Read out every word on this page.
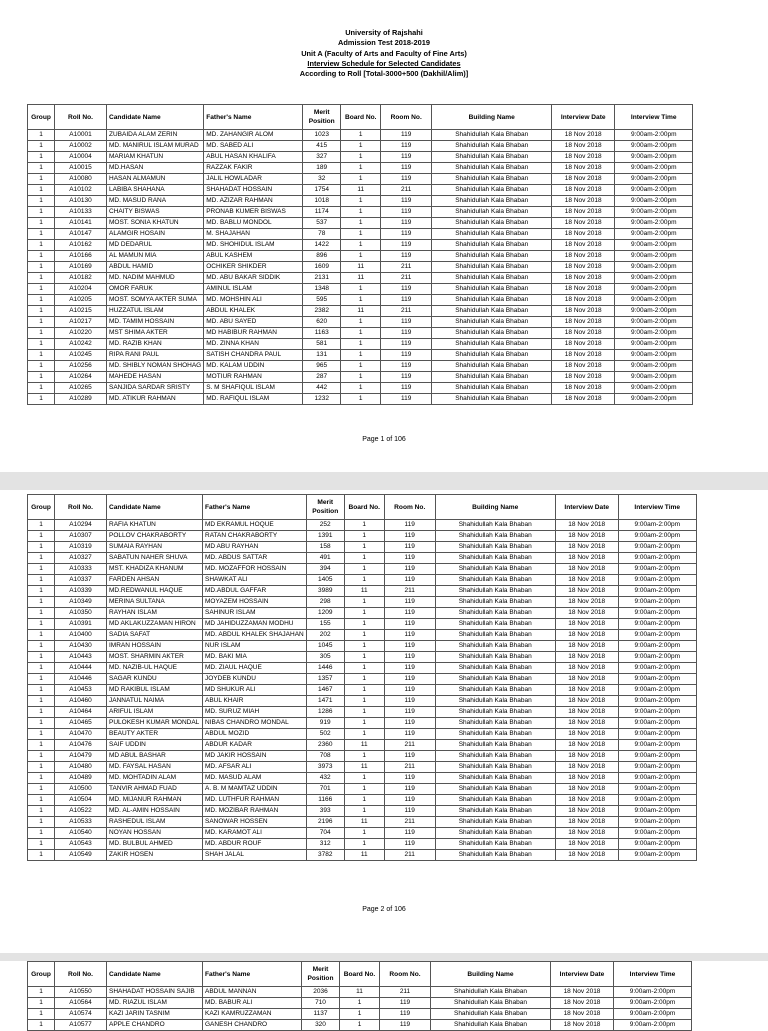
University of Rajshahi
Admission Test 2018-2019
Unit A (Faculty of Arts and Faculty of Fine Arts)
Interview Schedule for Selected Candidates
According to Roll [Total-3000+500 (Dakhil/Alim)]
Group	Roll No.	Candidate Name	Father's Name	Merit Position	Board No.	Room No.	Building Name	Interview Date	Interview Time
1	A10001	ZUBAIDA ALAM ZERIN	MD. ZAHANGIR ALOM	1023	1	119	Shahidullah Kala Bhaban	18 Nov 2018	9:00am-2:00pm
1	A10002	MD. MANIRUL ISLAM MURAD	MD. SABED ALI	415	1	119	Shahidullah Kala Bhaban	18 Nov 2018	9:00am-2:00pm
1	A10004	MARIAM KHATUN	ABUL HASAN KHALIFA	327	1	119	Shahidullah Kala Bhaban	18 Nov 2018	9:00am-2:00pm
1	A10015	MD.HASAN	RAZZAK FAKIR	189	1	119	Shahidullah Kala Bhaban	18 Nov 2018	9:00am-2:00pm
1	A10080	HASAN ALMAMUN	JALIL HOWLADAR	32	1	119	Shahidullah Kala Bhaban	18 Nov 2018	9:00am-2:00pm
1	A10102	LABIBA SHAHANA	SHAHADAT HOSSAIN	1754	11	211	Shahidullah Kala Bhaban	18 Nov 2018	9:00am-2:00pm
1	A10130	MD. MASUD RANA	MD. AZIZAR RAHMAN	1018	1	119	Shahidullah Kala Bhaban	18 Nov 2018	9:00am-2:00pm
1	A10133	CHAITY BISWAS	PRONAB KUMER BISWAS	1174	1	119	Shahidullah Kala Bhaban	18 Nov 2018	9:00am-2:00pm
1	A10141	MOST. SONIA KHATUN	MD. BABLU MONDOL	537	1	119	Shahidullah Kala Bhaban	18 Nov 2018	9:00am-2:00pm
1	A10147	ALAMGIR HOSAIN	M. SHAJAHAN	78	1	119	Shahidullah Kala Bhaban	18 Nov 2018	9:00am-2:00pm
1	A10162	MD DEDARUL	MD. SHOHIDUL ISLAM	1422	1	119	Shahidullah Kala Bhaban	18 Nov 2018	9:00am-2:00pm
1	A10166	AL MAMUN MIA	ABUL KASHEM	896	1	119	Shahidullah Kala Bhaban	18 Nov 2018	9:00am-2:00pm
1	A10169	ABDUL HAMID	OCHIKER SHIKDER	1609	11	211	Shahidullah Kala Bhaban	18 Nov 2018	9:00am-2:00pm
1	A10182	MD. NADIM MAHMUD	MD. ABU BAKAR SIDDIK	2131	11	211	Shahidullah Kala Bhaban	18 Nov 2018	9:00am-2:00pm
1	A10204	OMOR FARUK	AMINUL ISLAM	1348	1	119	Shahidullah Kala Bhaban	18 Nov 2018	9:00am-2:00pm
1	A10205	MOST. SOMYA AKTER SUMA	MD. MOHSHIN ALI	595	1	119	Shahidullah Kala Bhaban	18 Nov 2018	9:00am-2:00pm
1	A10215	HUZZATUL ISLAM	ABDUL KHALEK	2382	11	211	Shahidullah Kala Bhaban	18 Nov 2018	9:00am-2:00pm
1	A10217	MD. TAMIM HOSSAIN	MD. ABU SAYED	620	1	119	Shahidullah Kala Bhaban	18 Nov 2018	9:00am-2:00pm
1	A10220	MST SHIMA AKTER	MD HABIBUR RAHMAN	1163	1	119	Shahidullah Kala Bhaban	18 Nov 2018	9:00am-2:00pm
1	A10242	MD. RAZIB KHAN	MD. ZINNA KHAN	581	1	119	Shahidullah Kala Bhaban	18 Nov 2018	9:00am-2:00pm
1	A10245	RIPA RANI PAUL	SATISH CHANDRA PAUL	131	1	119	Shahidullah Kala Bhaban	18 Nov 2018	9:00am-2:00pm
1	A10256	MD. SHIBLY NOMAN SHOHAG	MD. KALAM UDDIN	965	1	119	Shahidullah Kala Bhaban	18 Nov 2018	9:00am-2:00pm
1	A10264	MAHEDE HASAN	MOTIUR RAHMAN	287	1	119	Shahidullah Kala Bhaban	18 Nov 2018	9:00am-2:00pm
1	A10265	SANJIDA SARDAR SRISTY	S. M SHAFIQUL ISLAM	442	1	119	Shahidullah Kala Bhaban	18 Nov 2018	9:00am-2:00pm
1	A10289	MD. ATIKUR RAHMAN	MD. RAFIQUL ISLAM	1232	1	119	Shahidullah Kala Bhaban	18 Nov 2018	9:00am-2:00pm
Page 1 of 106
Group	Roll No.	Candidate Name	Father's Name	Merit Position	Board No.	Room No.	Building Name	Interview Date	Interview Time
1	A10294	RAFIA KHATUN	MD EKRAMUL HOQUE	252	1	119	Shahidullah Kala Bhaban	18 Nov 2018	9:00am-2:00pm
1	A10307	POLLOV CHAKRABORTY	RATAN CHAKRABORTY	1391	1	119	Shahidullah Kala Bhaban	18 Nov 2018	9:00am-2:00pm
1	A10319	SUMAIA RAYHAN	MD ABU RAYHAN	158	1	119	Shahidullah Kala Bhaban	18 Nov 2018	9:00am-2:00pm
1	A10327	SABATUN NAHER SHUVA	MD. ABDUS SATTAR	491	1	119	Shahidullah Kala Bhaban	18 Nov 2018	9:00am-2:00pm
1	A10333	MST. KHADIZA KHANUM	MD. MOZAFFOR HOSSAIN	394	1	119	Shahidullah Kala Bhaban	18 Nov 2018	9:00am-2:00pm
1	A10337	FARDEN AHSAN	SHAWKAT ALI	1405	1	119	Shahidullah Kala Bhaban	18 Nov 2018	9:00am-2:00pm
1	A10339	MD.REDWANUL HAQUE	MD.ABDUL GAFFAR	3989	11	211	Shahidullah Kala Bhaban	18 Nov 2018	9:00am-2:00pm
1	A10349	MERINA SULTANA	MOYAZEM HOSSAIN	298	1	119	Shahidullah Kala Bhaban	18 Nov 2018	9:00am-2:00pm
1	A10350	RAYHAN ISLAM	SAHINUR ISLAM	1209	1	119	Shahidullah Kala Bhaban	18 Nov 2018	9:00am-2:00pm
1	A10391	MD AKLAKUZZAMAN HIRON	MD JAHIDUZZAMAN MODHU	155	1	119	Shahidullah Kala Bhaban	18 Nov 2018	9:00am-2:00pm
1	A10400	SADIA SAFAT	MD. ABDUL KHALEK SHAJAHAN	202	1	119	Shahidullah Kala Bhaban	18 Nov 2018	9:00am-2:00pm
1	A10430	IMRAN HOSSAIN	NUR ISLAM	1045	1	119	Shahidullah Kala Bhaban	18 Nov 2018	9:00am-2:00pm
1	A10443	MOST. SHARMIN AKTER	MD. BAKI MIA	305	1	119	Shahidullah Kala Bhaban	18 Nov 2018	9:00am-2:00pm
1	A10444	MD. NAZIB-UL HAQUE	MD. ZIAUL HAQUE	1446	1	119	Shahidullah Kala Bhaban	18 Nov 2018	9:00am-2:00pm
1	A10446	SAGAR KUNDU	JOYDEB KUNDU	1357	1	119	Shahidullah Kala Bhaban	18 Nov 2018	9:00am-2:00pm
1	A10453	MD RAKIBUL ISLAM	MD SHUKUR ALI	1467	1	119	Shahidullah Kala Bhaban	18 Nov 2018	9:00am-2:00pm
1	A10460	JANNATUL NAIMA	ABUL KHAIR	1471	1	119	Shahidullah Kala Bhaban	18 Nov 2018	9:00am-2:00pm
1	A10464	ARIFUL ISLAM	MD. SURUZ MIAH	1286	1	119	Shahidullah Kala Bhaban	18 Nov 2018	9:00am-2:00pm
1	A10465	PULOKESH KUMAR MONDAL	NIBAS CHANDRO MONDAL	919	1	119	Shahidullah Kala Bhaban	18 Nov 2018	9:00am-2:00pm
1	A10470	BEAUTY AKTER	ABDUL MOZID	502	1	119	Shahidullah Kala Bhaban	18 Nov 2018	9:00am-2:00pm
1	A10476	SAIF UDDIN	ABDUR KADAR	2360	11	211	Shahidullah Kala Bhaban	18 Nov 2018	9:00am-2:00pm
1	A10479	MD ABUL BASHAR	MD JAKIR HOSSAIN	708	1	119	Shahidullah Kala Bhaban	18 Nov 2018	9:00am-2:00pm
1	A10480	MD. FAYSAL HASAN	MD. AFSAR ALI	3973	11	211	Shahidullah Kala Bhaban	18 Nov 2018	9:00am-2:00pm
1	A10489	MD. MOHTADIN ALAM	MD. MASUD ALAM	432	1	119	Shahidullah Kala Bhaban	18 Nov 2018	9:00am-2:00pm
1	A10500	TANVIR AHMAD FUAD	A. B. M MAMTAZ UDDIN	701	1	119	Shahidullah Kala Bhaban	18 Nov 2018	9:00am-2:00pm
1	A10504	MD. MIJANUR RAHMAN	MD. LUTHFUR RAHMAN	1166	1	119	Shahidullah Kala Bhaban	18 Nov 2018	9:00am-2:00pm
1	A10522	MD. AL-AMIN HOSSAIN	MD. MOZIBAR RAHMAN	393	1	119	Shahidullah Kala Bhaban	18 Nov 2018	9:00am-2:00pm
1	A10533	RASHEDUL ISLAM	SANOWAR HOSSEN	2196	11	211	Shahidullah Kala Bhaban	18 Nov 2018	9:00am-2:00pm
1	A10540	NOYAN HOSSAN	MD. KARAMOT ALI	704	1	119	Shahidullah Kala Bhaban	18 Nov 2018	9:00am-2:00pm
1	A10543	MD. BULBUL AHMED	MD. ABDUR ROUF	312	1	119	Shahidullah Kala Bhaban	18 Nov 2018	9:00am-2:00pm
1	A10549	ZAKIR HOSEN	SHAH JALAL	3782	11	211	Shahidullah Kala Bhaban	18 Nov 2018	9:00am-2:00pm
Page 2 of 106
Group	Roll No.	Candidate Name	Father's Name	Merit Position	Board No.	Room No.	Building Name	Interview Date	Interview Time
1	A10550	SHAHADAT HOSSAIN SAJIB	ABDUL MANNAN	2036	11	211	Shahidullah Kala Bhaban	18 Nov 2018	9:00am-2:00pm
1	A10564	MD. RIAZUL ISLAM	MD. BABUR ALI	710	1	119	Shahidullah Kala Bhaban	18 Nov 2018	9:00am-2:00pm
1	A10574	KAZI JARIN TASNIM	KAZI KAMRUZZAMAN	1137	1	119	Shahidullah Kala Bhaban	18 Nov 2018	9:00am-2:00pm
1	A10577	APPLE CHANDRO	GANESH CHANDRO	320	1	119	Shahidullah Kala Bhaban	18 Nov 2018	9:00am-2:00pm
